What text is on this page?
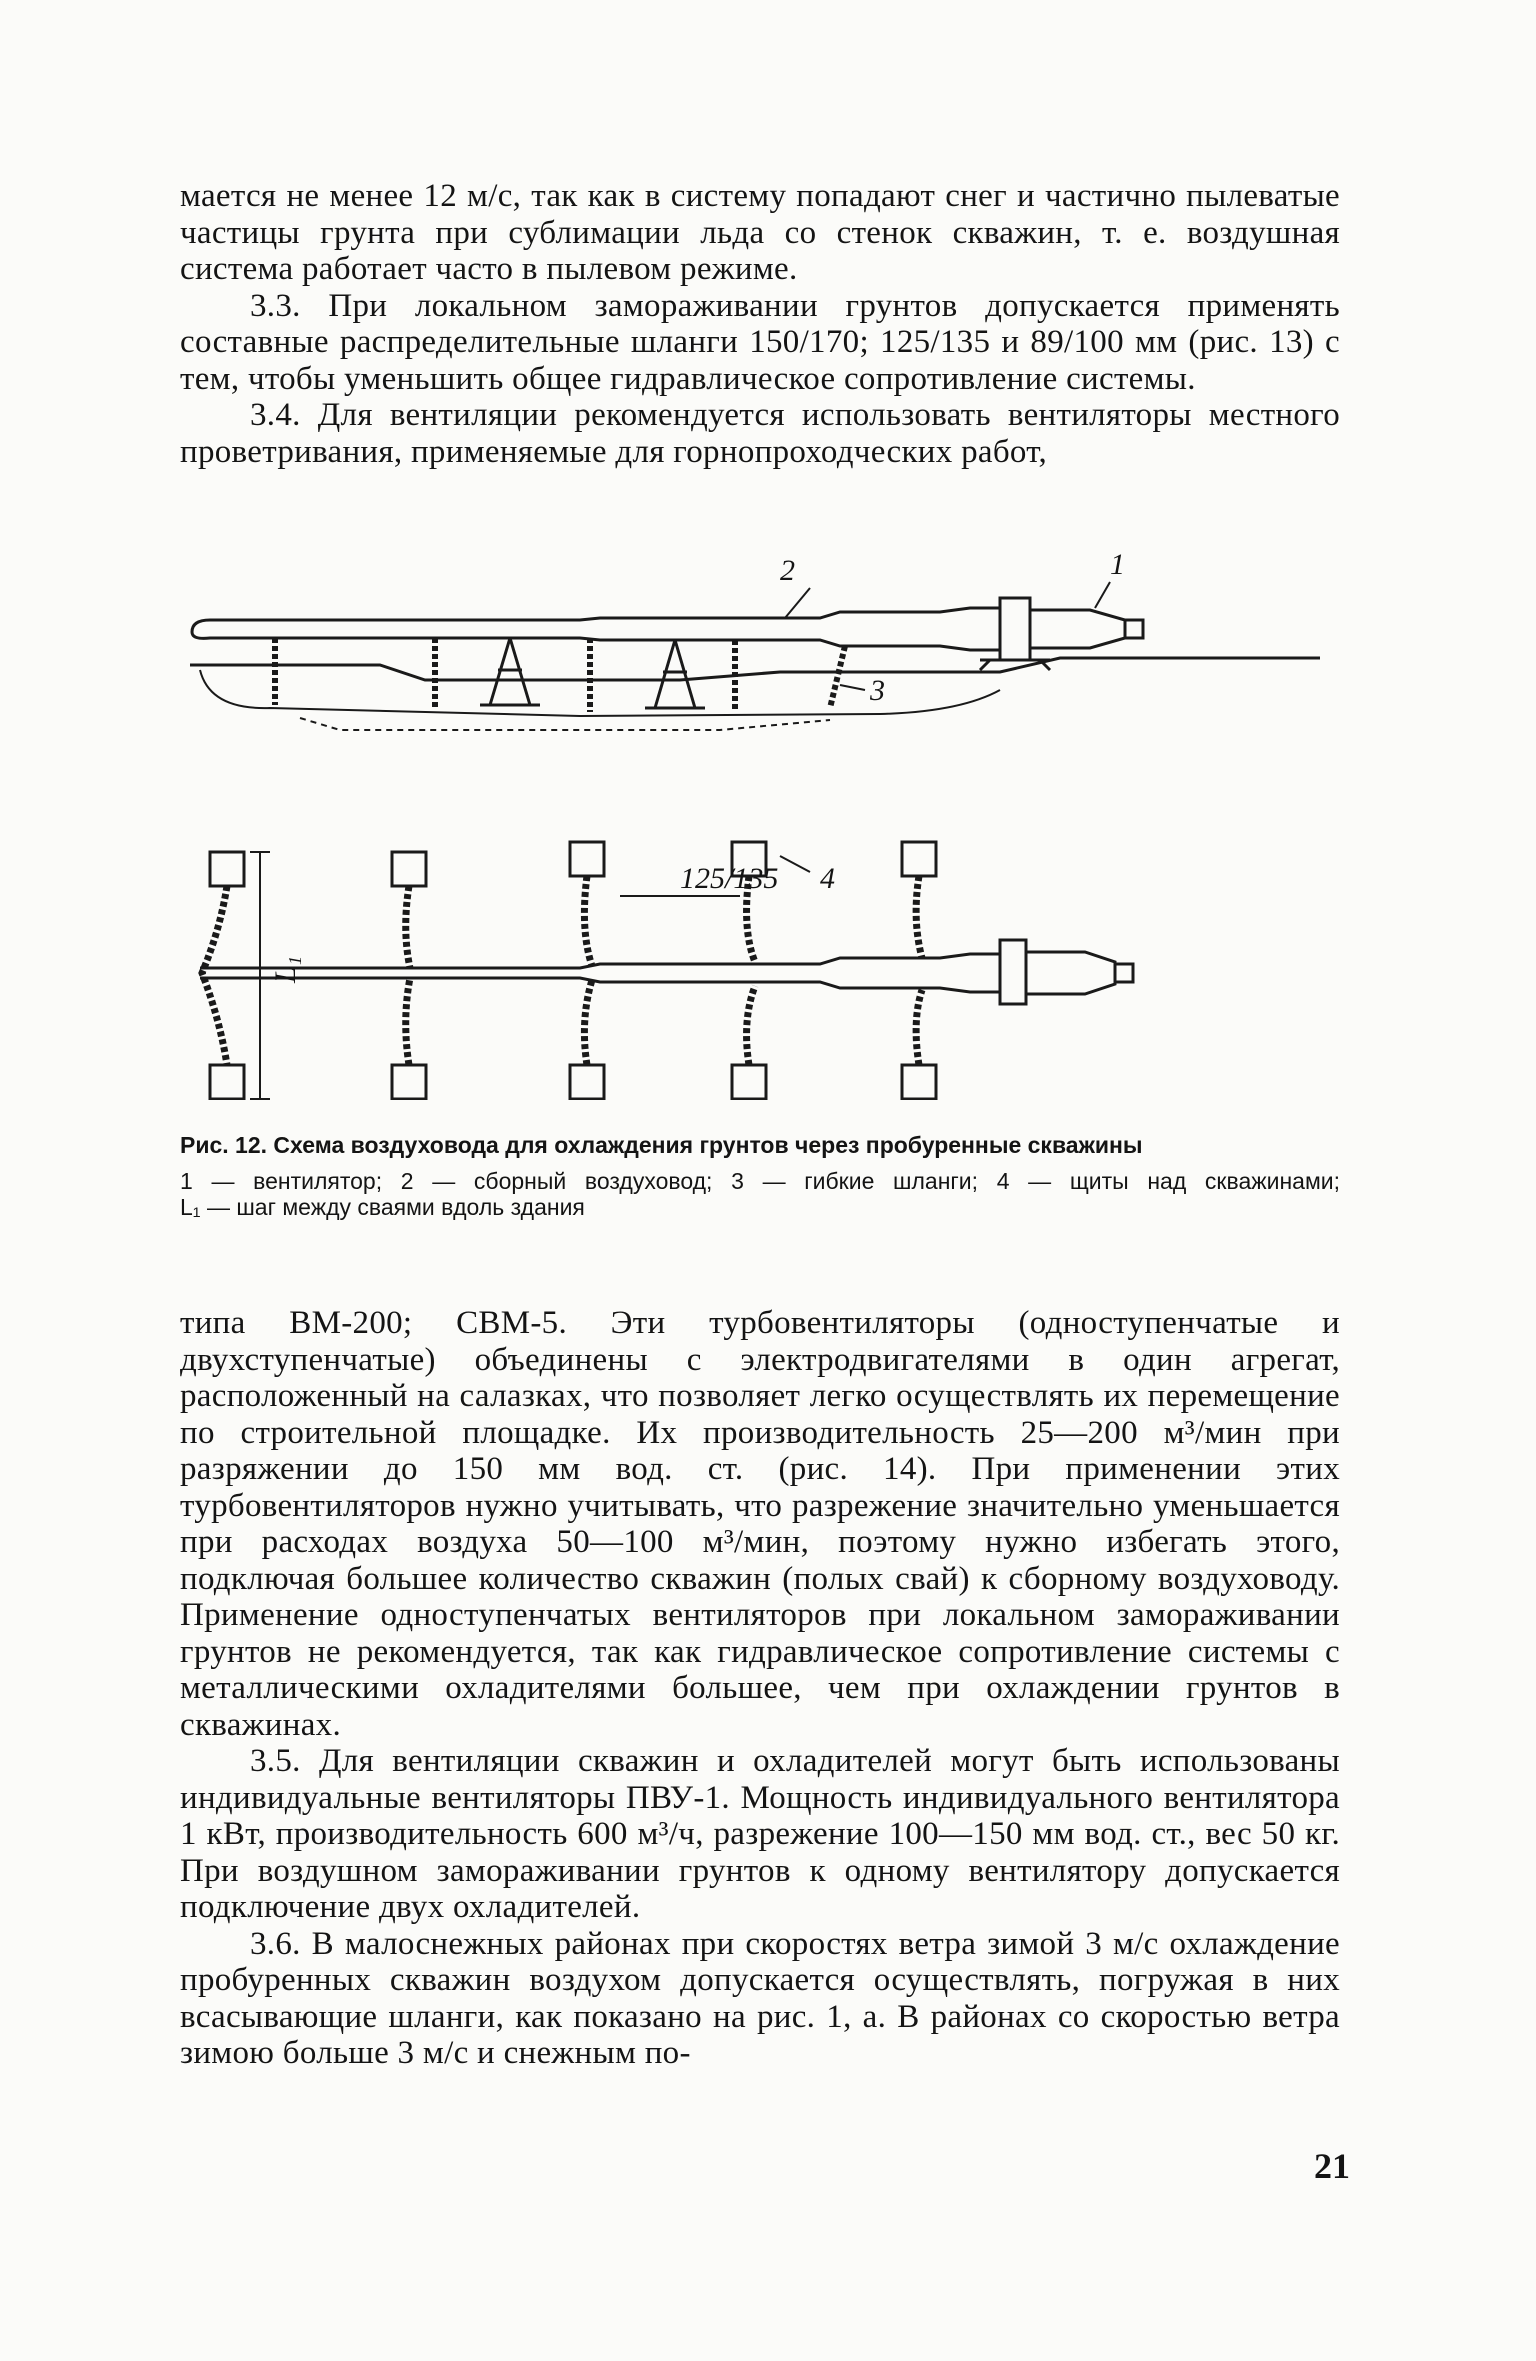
мается не менее 12 м/с, так как в систему попадают снег и частично пылеватые частицы грунта при сублимации льда со стенок скважин, т. е. воздушная система работает часто в пылевом режиме.

3.3. При локальном замораживании грунтов допускается применять составные распределительные шланги 150/170; 125/135 и 89/100 мм (рис. 13) с тем, чтобы уменьшить общее гидравлическое сопротивление системы.

3.4. Для вентиляции рекомендуется использовать вентиляторы местного проветривания, применяемые для горнопроходческих работ,

2	1
3
125/135 4
L₁

Рис. 12. Схема воздуховода для охлаждения грунтов через пробуренные скважины

1 — вентилятор; 2 — сборный воздуховод; 3 — гибкие шланги; 4 — щиты над скважинами; L₁ — шаг между сваями вдоль здания

типа ВМ-200; СВМ-5. Эти турбовентиляторы (одноступенчатые и двухступенчатые) объединены с электродвигателями в один агрегат, расположенный на салазках, что позволяет легко осуществлять их перемещение по строительной площадке. Их производительность 25—200 м³/мин при разряжении до 150 мм вод. ст. (рис. 14). При применении этих турбовентиляторов нужно учитывать, что разрежение значительно уменьшается при расходах воздуха 50—100 м³/мин, поэтому нужно избегать этого, подключая большее количество скважин (полых свай) к сборному воздуховоду. Применение одноступенчатых вентиляторов при локальном замораживании грунтов не рекомендуется, так как гидравлическое сопротивление системы с металлическими охладителями большее, чем при охлаждении грунтов в скважинах.

3.5. Для вентиляции скважин и охладителей могут быть использованы индивидуальные вентиляторы ПВУ-1. Мощность индивидуального вентилятора 1 кВт, производительность 600 м³/ч, разрежение 100—150 мм вод. ст., вес 50 кг. При воздушном замораживании грунтов к одному вентилятору допускается подключение двух охладителей.

3.6. В малоснежных районах при скоростях ветра зимой 3 м/с охлаждение пробуренных скважин воздухом допускается осуществлять, погружая в них всасывающие шланги, как показано на рис. 1, а. В районах со скоростью ветра зимою больше 3 м/с и снежным по-

21
